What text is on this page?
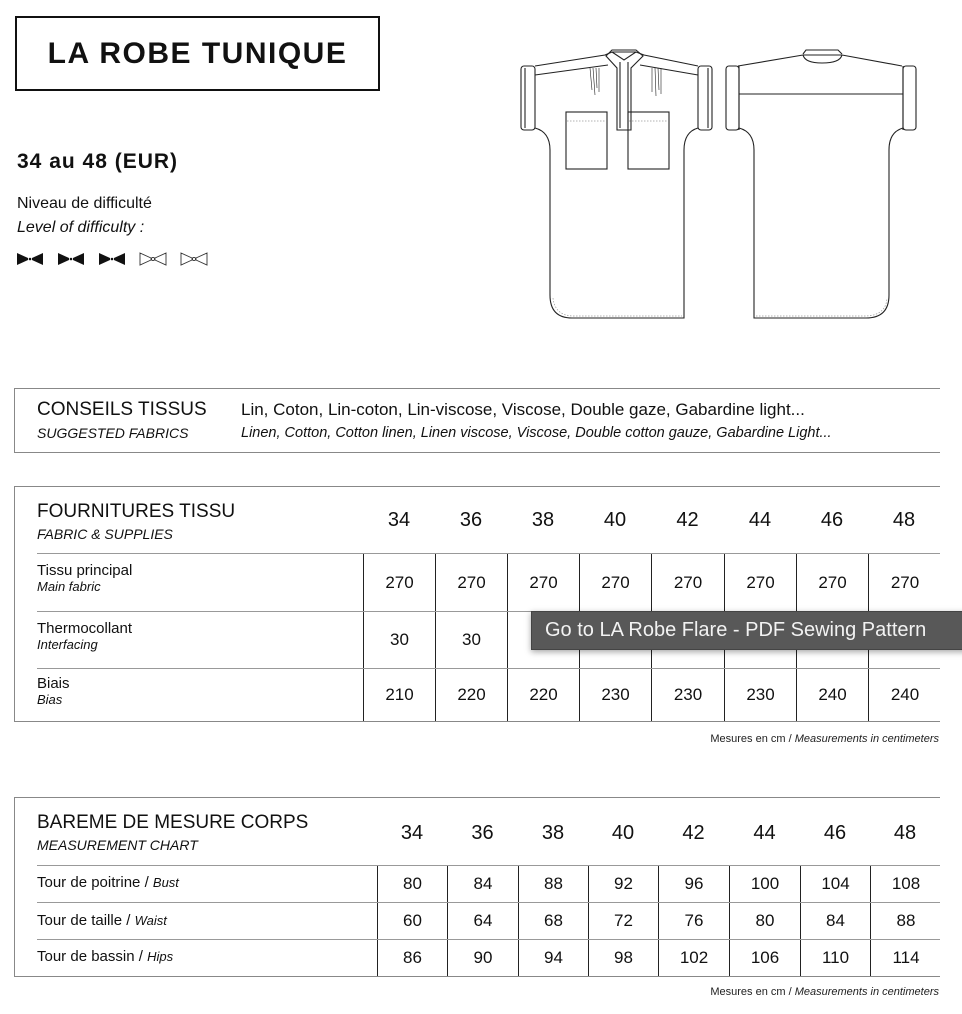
LA ROBE TUNIQUE
34 au 48 (EUR)
Niveau de difficulté
Level of difficulty :
CONSEILS TISSUS
SUGGESTED FABRICS
Lin, Coton, Lin-coton, Lin-viscose, Viscose, Double gaze, Gabardine light...
Linen, Cotton, Cotton linen, Linen viscose, Viscose, Double cotton gauze, Gabardine Light...
FOURNITURES TISSU
FABRIC & SUPPLIES
34	36	38	40	42	44	46	48
Tissu principal
Main fabric	270	270	270	270	270	270	270	270
Thermocollant
Interfacing	30	30
Biais
Bias	210	220	220	230	230	230	240	240
Mesures en cm / Measurements in centimeters
BAREME DE MESURE CORPS
MEASUREMENT CHART
34	36	38	40	42	44	46	48
Tour de poitrine / Bust	80	84	88	92	96	100	104	108
Tour de taille / Waist	60	64	68	72	76	80	84	88
Tour de bassin / Hips	86	90	94	98	102	106	110	114
Mesures en cm / Measurements in centimeters
Go to LA Robe Flare - PDF Sewing Pattern
